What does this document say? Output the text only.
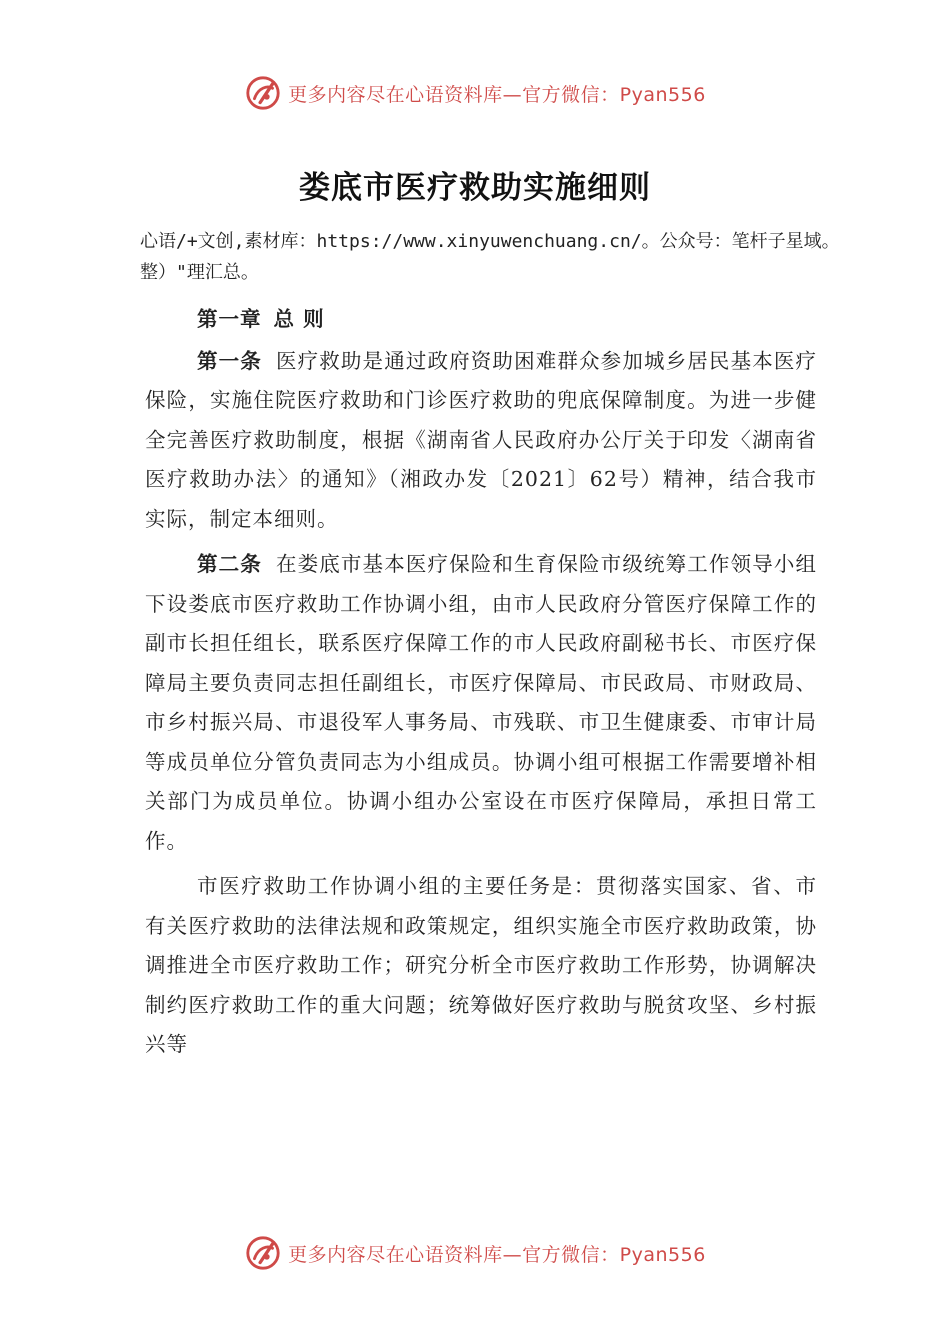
更多内容尽在心语资料库—官方微信：Pyan556
娄底市医疗救助实施细则
心语/+文创,素材库：https://www.xinyuwenchuang.cn/。公众号：笔杆子星域。整）"理汇总。

第一章 总 则

第一条 医疗救助是通过政府资助困难群众参加城乡居民基本医疗保险，实施住院医疗救助和门诊医疗救助的兜底保障制度。为进一步健全完善医疗救助制度，根据《湖南省人民政府办公厅关于印发〈湖南省医疗救助办法〉的通知》（湘政办发〔2021〕62号）精神，结合我市实际，制定本细则。

第二条 在娄底市基本医疗保险和生育保险市级统筹工作领导小组下设娄底市医疗救助工作协调小组，由市人民政府分管医疗保障工作的副市长担任组长，联系医疗保障工作的市人民政府副秘书长、市医疗保障局主要负责同志担任副组长，市医疗保障局、市民政局、市财政局、市乡村振兴局、市退役军人事务局、市残联、市卫生健康委、市审计局等成员单位分管负责同志为小组成员。协调小组可根据工作需要增补相关部门为成员单位。协调小组办公室设在市医疗保障局，承担日常工作。

市医疗救助工作协调小组的主要任务是：贯彻落实国家、省、市有关医疗救助的法律法规和政策规定，组织实施全市医疗救助政策，协调推进全市医疗救助工作；研究分析全市医疗救助工作形势，协调解决制约医疗救助工作的重大问题；统筹做好医疗救助与脱贫攻坚、乡村振兴等

更多内容尽在心语资料库—官方微信：Pyan556
